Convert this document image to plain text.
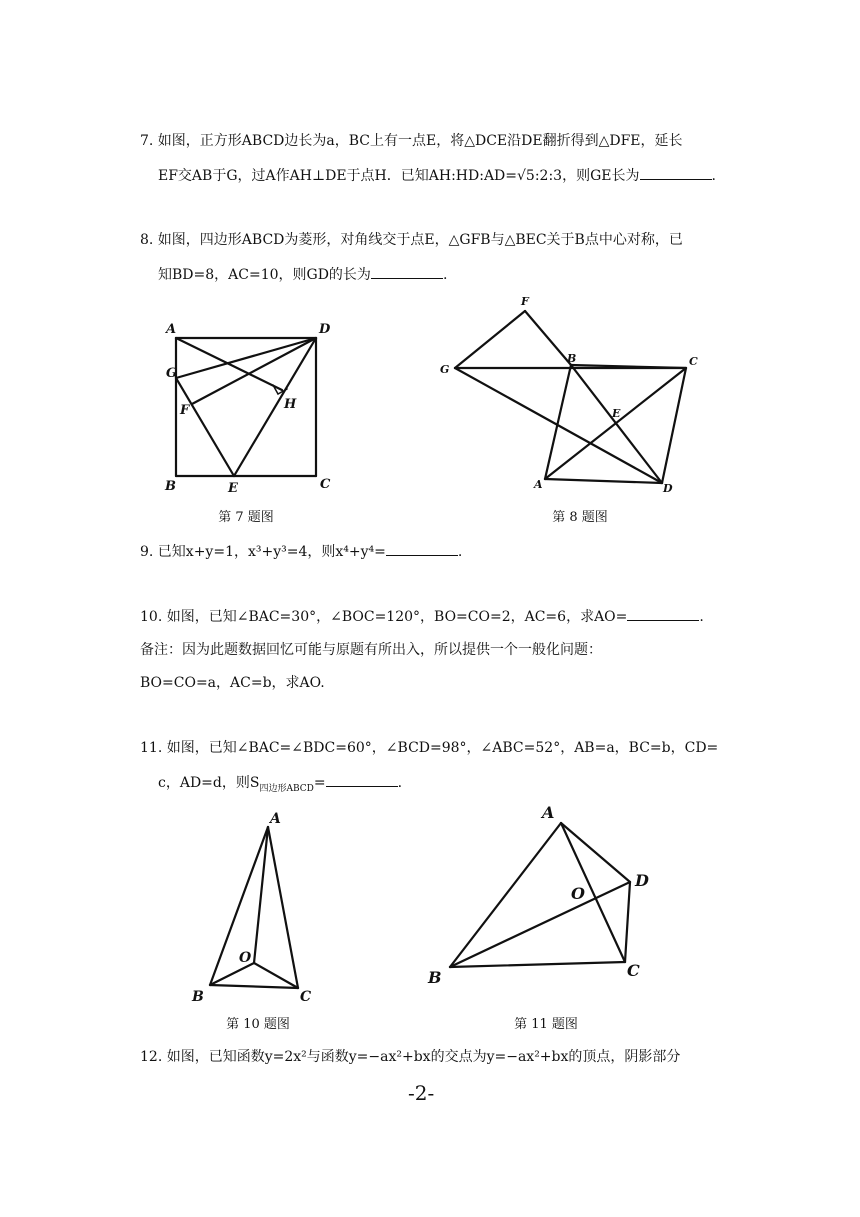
7. 如图，正方形ABCD边长为a，BC上有一点E，将△DCE沿DE翻折得到△DFE，延长
EF交AB于G，过A作AH⊥DE于点H．已知AH:HD:AD=√5:2:3，则GE长为	.
8. 如图，四边形ABCD为菱形，对角线交于点E，△GFB与△BEC关于B点中心对称，已
知BD=8，AC=10，则GD的长为	.
A	D
G
F	H
B	E	C
第 7 题图
F
G
B	C
E
A	D
第 8 题图
9. 已知x+y=1，x³+y³=4，则x⁴+y⁴=	.
10. 如图，已知∠BAC=30°，∠BOC=120°，BO=CO=2，AC=6，求AO=	.
备注：因为此题数据回忆可能与原题有所出入，所以提供一个一般化问题：
BO=CO=a，AC=b，求AO.
11. 如图，已知∠BAC=∠BDC=60°，∠BCD=98°，∠ABC=52°，AB=a，BC=b，CD=
c，AD=d，则$S_{四边形ABCD}=$	.
A
O
B	C
第 10 题图
A
O
D
B	C
第 11 题图
12. 如图，已知函数y=2x²与函数y=−ax²+bx的交点为y=−ax²+bx的顶点，阴影部分
-2-
